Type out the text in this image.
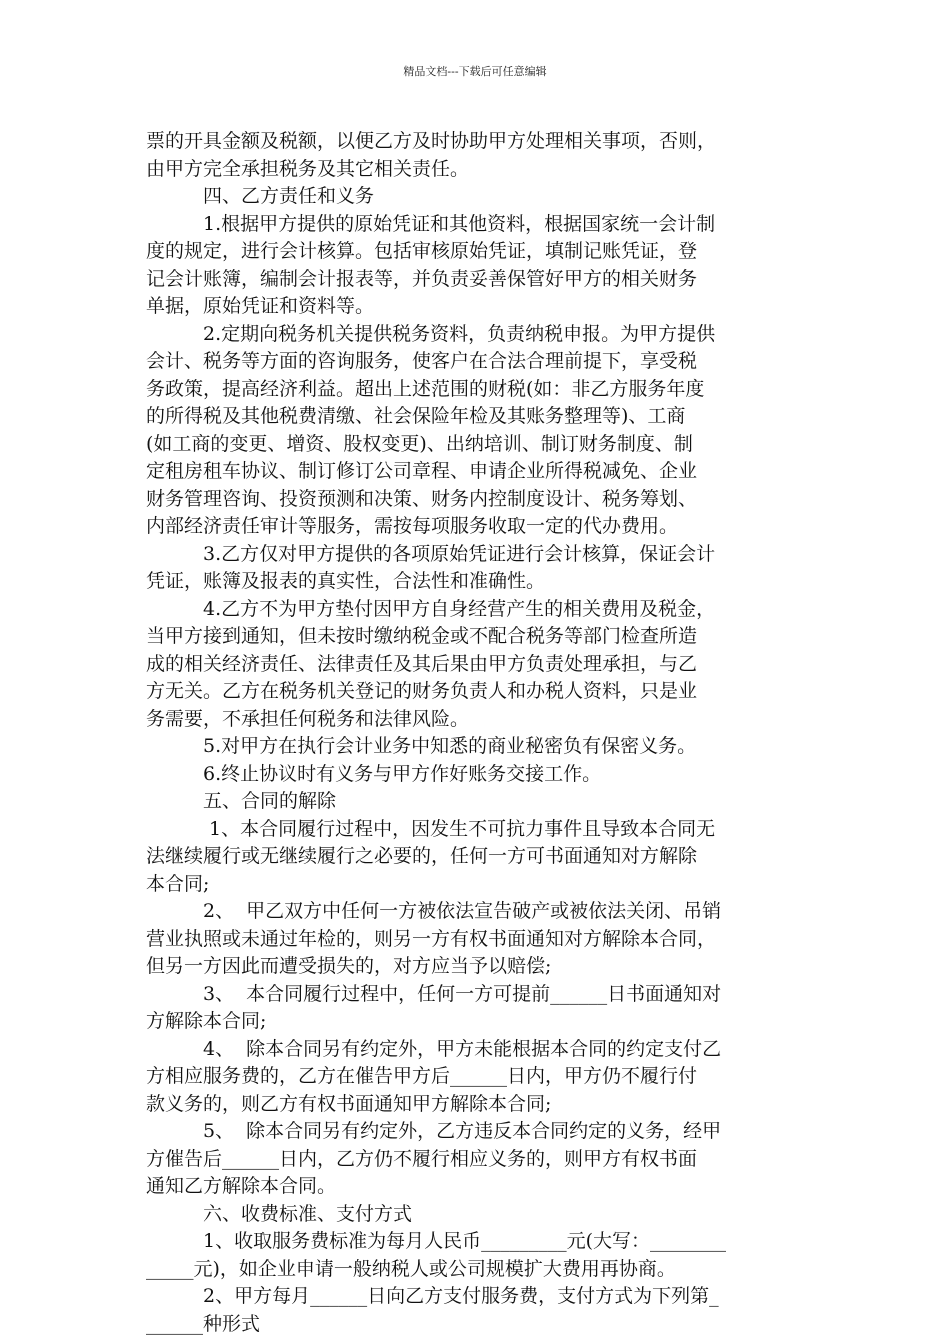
精品文档---下载后可任意编辑
票的开具金额及税额，以便乙方及时协助甲方处理相关事项，否则，
由甲方完全承担税务及其它相关责任。
四、乙方责任和义务
1.根据甲方提供的原始凭证和其他资料，根据国家统一会计制
度的规定，进行会计核算。包括审核原始凭证，填制记账凭证，登
记会计账簿，编制会计报表等，并负责妥善保管好甲方的相关财务
单据，原始凭证和资料等。
2.定期向税务机关提供税务资料，负责纳税申报。为甲方提供
会计、税务等方面的咨询服务，使客户在合法合理前提下，享受税
务政策，提高经济利益。超出上述范围的财税(如：非乙方服务年度
的所得税及其他税费清缴、社会保险年检及其账务整理等)、工商
(如工商的变更、增资、股权变更)、出纳培训、制订财务制度、制
定租房租车协议、制订修订公司章程、申请企业所得税减免、企业
财务管理咨询、投资预测和决策、财务内控制度设计、税务筹划、
内部经济责任审计等服务，需按每项服务收取一定的代办费用。
3.乙方仅对甲方提供的各项原始凭证进行会计核算，保证会计
凭证，账簿及报表的真实性，合法性和准确性。
4.乙方不为甲方垫付因甲方自身经营产生的相关费用及税金，
当甲方接到通知，但未按时缴纳税金或不配合税务等部门检查所造
成的相关经济责任、法律责任及其后果由甲方负责处理承担，与乙
方无关。乙方在税务机关登记的财务负责人和办税人资料，只是业
务需要，不承担任何税务和法律风险。
5.对甲方在执行会计业务中知悉的商业秘密负有保密义务。
6.终止协议时有义务与甲方作好账务交接工作。
五、合同的解除
1、本合同履行过程中，因发生不可抗力事件且导致本合同无
法继续履行或无继续履行之必要的，任何一方可书面通知对方解除
本合同;
2、  甲乙双方中任何一方被依法宣告破产或被依法关闭、吊销
营业执照或未通过年检的，则另一方有权书面通知对方解除本合同，
但另一方因此而遭受损失的，对方应当予以赔偿;
3、  本合同履行过程中，任何一方可提前______日书面通知对
方解除本合同;
4、  除本合同另有约定外，甲方未能根据本合同的约定支付乙
方相应服务费的，乙方在催告甲方后______日内，甲方仍不履行付
款义务的，则乙方有权书面通知甲方解除本合同;
5、  除本合同另有约定外，乙方违反本合同约定的义务，经甲
方催告后______日内，乙方仍不履行相应义务的，则甲方有权书面
通知乙方解除本合同。
六、收费标准、支付方式
1、收取服务费标准为每月人民币_________元(大写：________
_____元)，如企业申请一般纳税人或公司规模扩大费用再协商。
2、甲方每月______日向乙方支付服务费，支付方式为下列第_
______种形式
